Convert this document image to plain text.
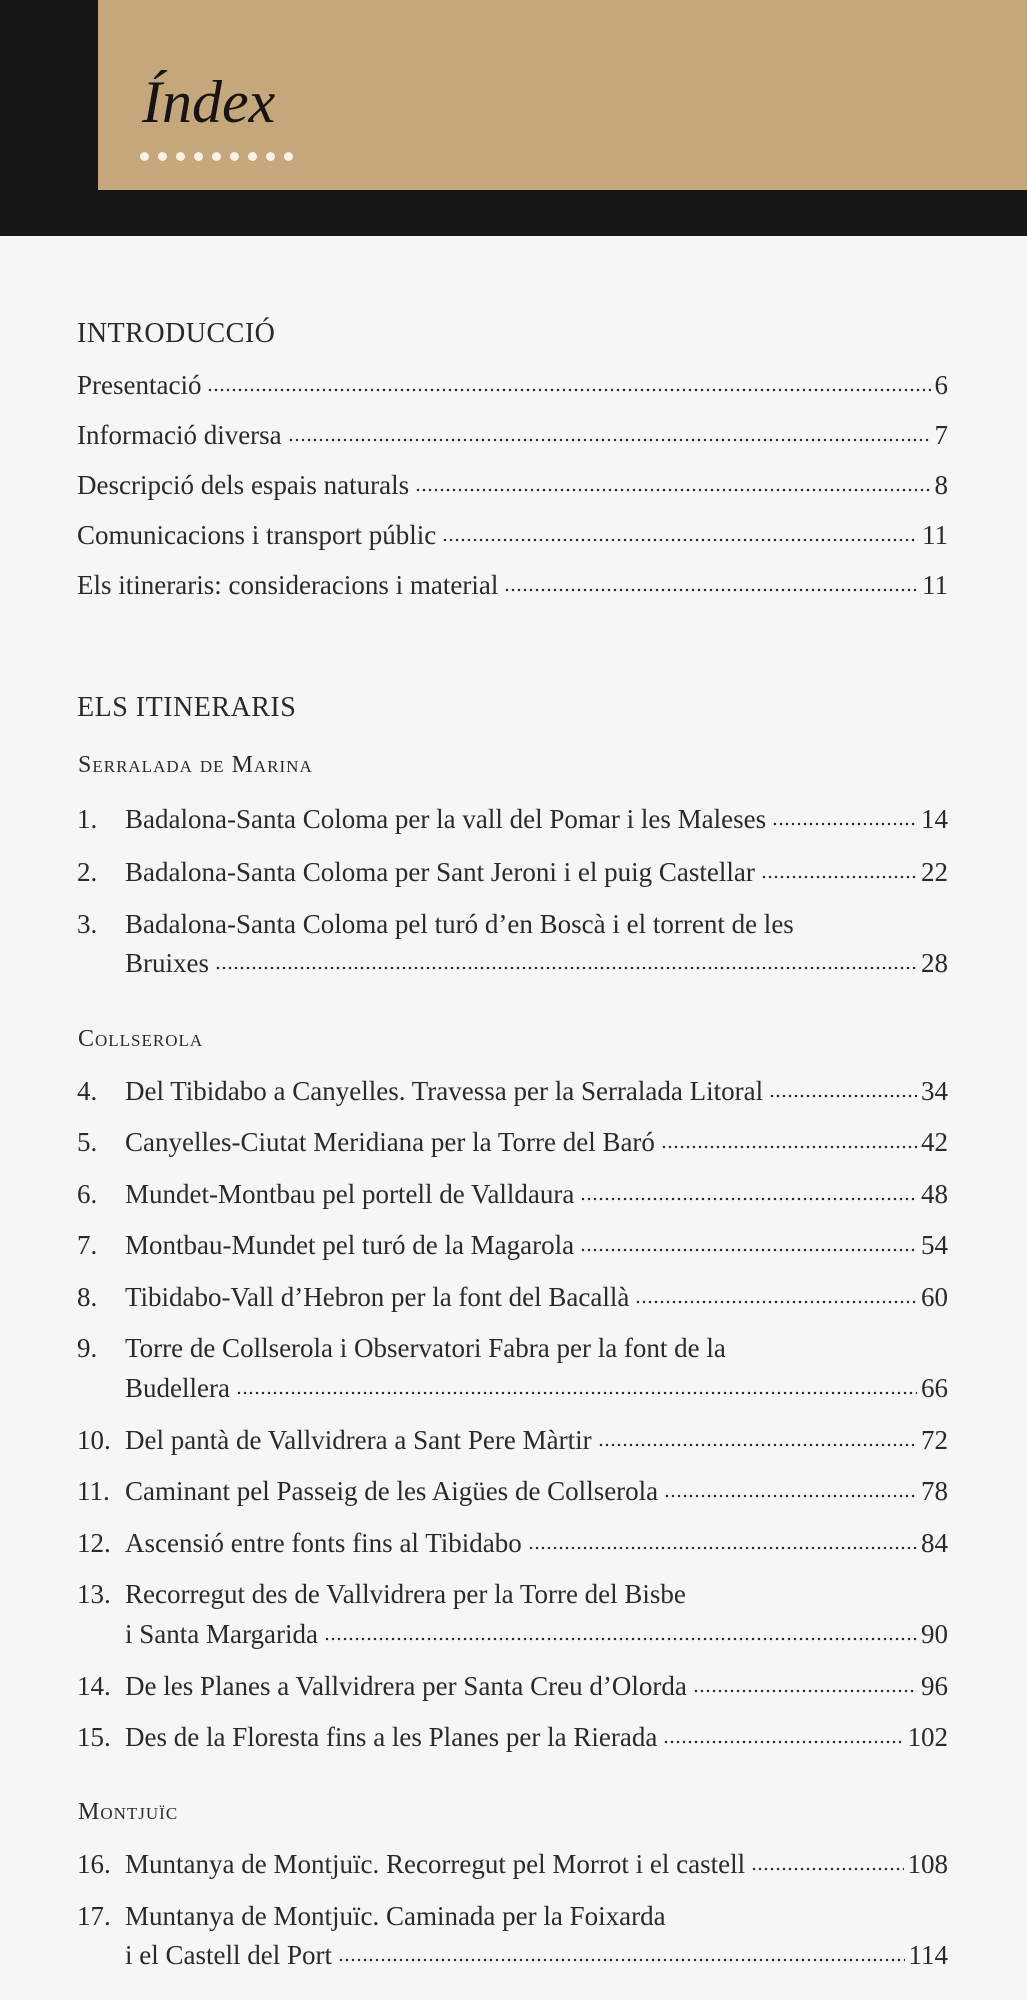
Índex
INTRODUCCIÓ
Presentació	6
Informació diversa	7
Descripció dels espais naturals	8
Comunicacions i transport públic	11
Els itineraris: consideracions i material	11
ELS ITINERARIS
Serralada de Marina
1.	Badalona-Santa Coloma per la vall del Pomar i les Maleses	14
2.	Badalona-Santa Coloma per Sant Jeroni i el puig Castellar	22
3.	Badalona-Santa Coloma pel turó d’en Boscà i el torrent de les
Bruixes	28
Collserola
4.	Del Tibidabo a Canyelles. Travessa per la Serralada Litoral	34
5.	Canyelles-Ciutat Meridiana per la Torre del Baró	42
6.	Mundet-Montbau pel portell de Valldaura	48
7.	Montbau-Mundet pel turó de la Magarola	54
8.	Tibidabo-Vall d’Hebron per la font del Bacallà	60
9.	Torre de Collserola i Observatori Fabra per la font de la
Budellera	66
10. Del pantà de Vallvidrera a Sant Pere Màrtir	72
11. Caminant pel Passeig de les Aigües de Collserola	78
12. Ascensió entre fonts fins al Tibidabo	84
13. Recorregut des de Vallvidrera per la Torre del Bisbe
i Santa Margarida	90
14. De les Planes a Vallvidrera per Santa Creu d’Olorda	96
15. Des de la Floresta fins a les Planes per la Rierada	102
Montjuïc
16. Muntanya de Montjuïc. Recorregut pel Morrot i el castell	108
17. Muntanya de Montjuïc. Caminada per la Foixarda
i el Castell del Port	114
